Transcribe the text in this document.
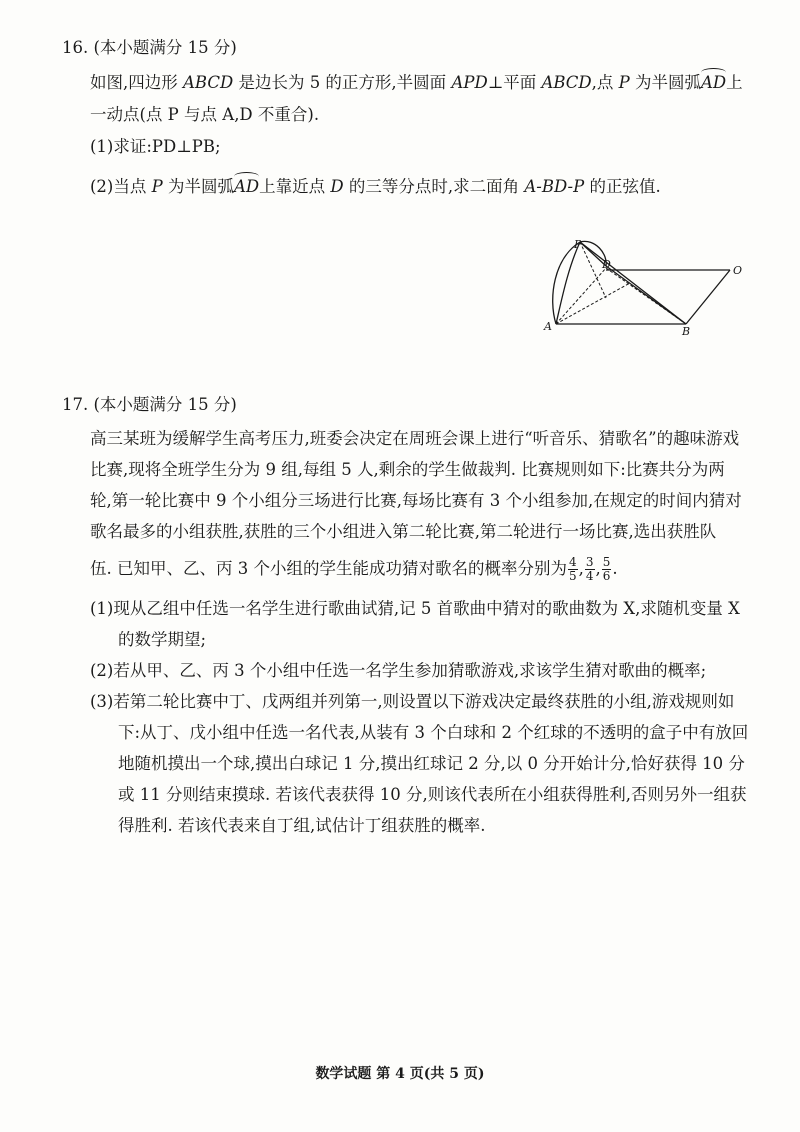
16. (本小题满分 15 分)
如图,四边形 ABCD 是边长为 5 的正方形,半圆面 APD⊥平面 ABCD,点 P 为半圆弧AD上
一动点(点 P 与点 A,D 不重合).
(1)求证:PD⊥PB;
(2)当点 P 为半圆弧AD上靠近点 D 的三等分点时,求二面角 A-BD-P 的正弦值.
P
D	O
A	B
17. (本小题满分 15 分)
高三某班为缓解学生高考压力,班委会决定在周班会课上进行“听音乐、猜歌名”的趣味游戏
比赛,现将全班学生分为 9 组,每组 5 人,剩余的学生做裁判. 比赛规则如下:比赛共分为两
轮,第一轮比赛中 9 个小组分三场进行比赛,每场比赛有 3 个小组参加,在规定的时间内猜对
歌名最多的小组获胜,获胜的三个小组进入第二轮比赛,第二轮进行一场比赛,选出获胜队
伍. 已知甲、乙、丙 3 个小组的学生能成功猜对歌名的概率分别为 $\frac{4}{5}$ , $\frac{3}{4}$ , $\frac{5}{6}$ .
(1)现从乙组中任选一名学生进行歌曲试猜,记 5 首歌曲中猜对的歌曲数为 X,求随机变量 X
的数学期望;
(2)若从甲、乙、丙 3 个小组中任选一名学生参加猜歌游戏,求该学生猜对歌曲的概率;
(3)若第二轮比赛中丁、戊两组并列第一,则设置以下游戏决定最终获胜的小组,游戏规则如
下:从丁、戊小组中任选一名代表,从装有 3 个白球和 2 个红球的不透明的盒子中有放回
地随机摸出一个球,摸出白球记 1 分,摸出红球记 2 分,以 0 分开始计分,恰好获得 10 分
或 11 分则结束摸球. 若该代表获得 10 分,则该代表所在小组获得胜利,否则另外一组获
得胜利. 若该代表来自丁组,试估计丁组获胜的概率.
数学试题 第 4 页(共 5 页)
